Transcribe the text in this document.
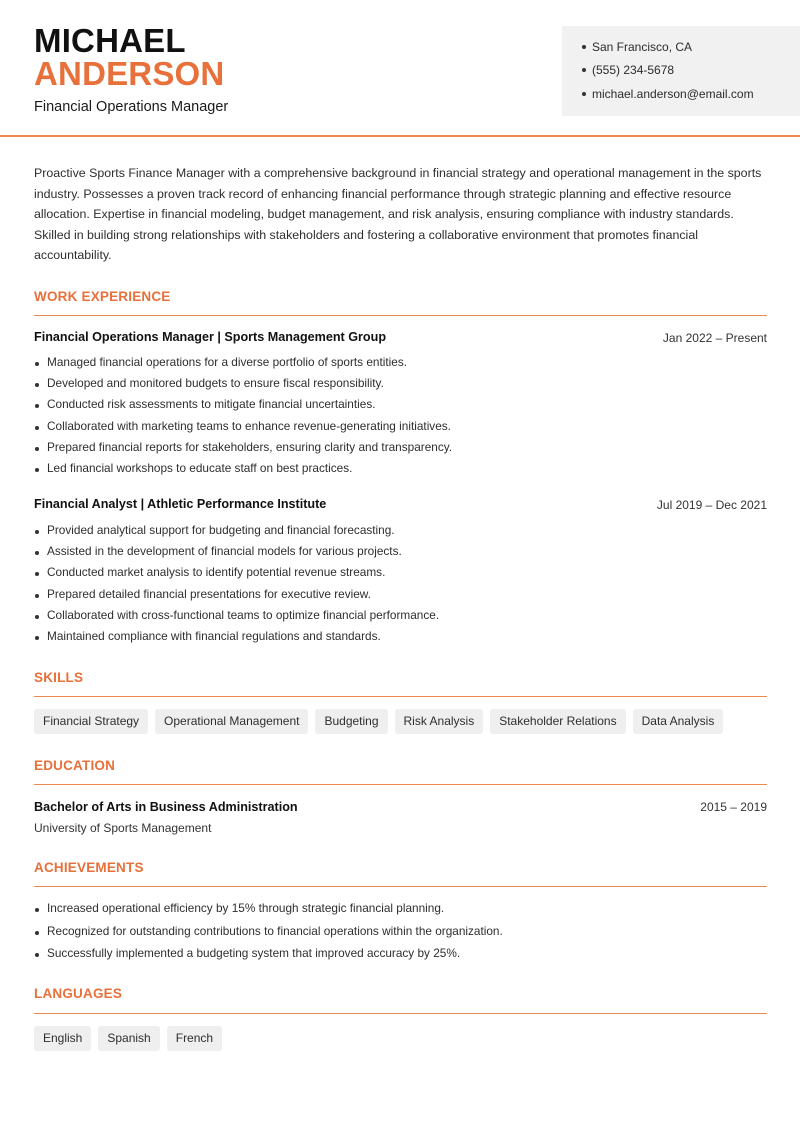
MICHAEL
ANDERSON
Financial Operations Manager
San Francisco, CA
(555) 234-5678
michael.anderson@email.com

Proactive Sports Finance Manager with a comprehensive background in financial strategy and operational management in the sports industry. Possesses a proven track record of enhancing financial performance through strategic planning and effective resource allocation. Expertise in financial modeling, budget management, and risk analysis, ensuring compliance with industry standards. Skilled in building strong relationships with stakeholders and fostering a collaborative environment that promotes financial accountability.

WORK EXPERIENCE
Financial Operations Manager | Sports Management Group	Jan 2022 – Present
Managed financial operations for a diverse portfolio of sports entities.
Developed and monitored budgets to ensure fiscal responsibility.
Conducted risk assessments to mitigate financial uncertainties.
Collaborated with marketing teams to enhance revenue-generating initiatives.
Prepared financial reports for stakeholders, ensuring clarity and transparency.
Led financial workshops to educate staff on best practices.
Financial Analyst | Athletic Performance Institute	Jul 2019 – Dec 2021
Provided analytical support for budgeting and financial forecasting.
Assisted in the development of financial models for various projects.
Conducted market analysis to identify potential revenue streams.
Prepared detailed financial presentations for executive review.
Collaborated with cross-functional teams to optimize financial performance.
Maintained compliance with financial regulations and standards.
SKILLS
Financial Strategy	Operational Management	Budgeting	Risk Analysis	Stakeholder Relations	Data Analysis
EDUCATION
Bachelor of Arts in Business Administration	2015 – 2019
University of Sports Management
ACHIEVEMENTS
Increased operational efficiency by 15% through strategic financial planning.
Recognized for outstanding contributions to financial operations within the organization.
Successfully implemented a budgeting system that improved accuracy by 25%.
LANGUAGES
English	Spanish	French
